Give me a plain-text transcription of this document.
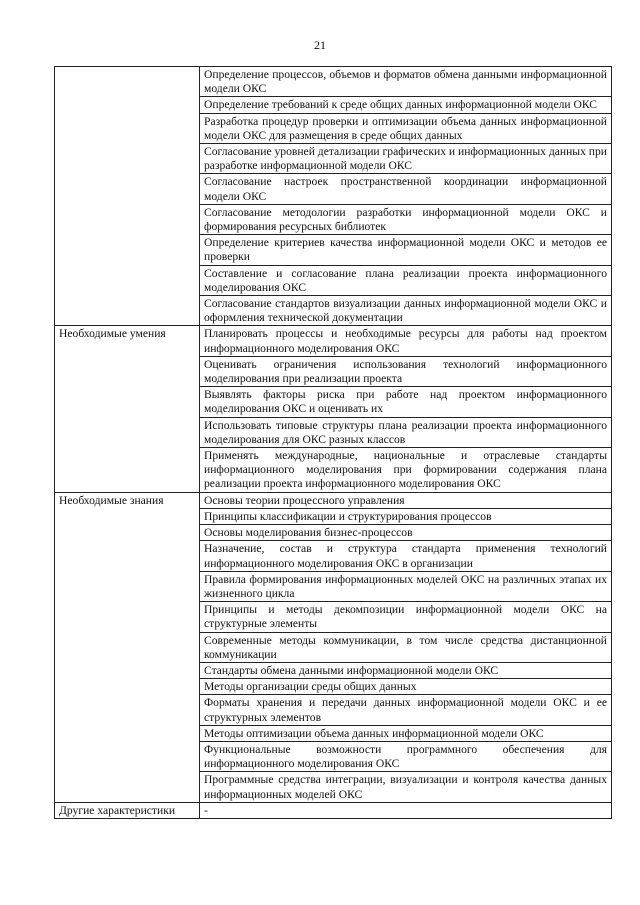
21
	Определение процессов, объемов и форматов обмена данными информационной модели ОКС
	Определение требований к среде общих данных информационной модели ОКС
	Разработка процедур проверки и оптимизации объема данных информационной модели ОКС для размещения в среде общих данных
	Согласование уровней детализации графических и информационных данных при разработке информационной модели ОКС
	Согласование настроек пространственной координации информационной модели ОКС
	Согласование методологии разработки информационной модели ОКС и формирования ресурсных библиотек
	Определение критериев качества информационной модели ОКС и методов ее проверки
	Составление и согласование плана реализации проекта информационного моделирования ОКС
	Согласование стандартов визуализации данных информационной модели ОКС и оформления технической документации
Необходимые умения	Планировать процессы и необходимые ресурсы для работы над проектом информационного моделирования ОКС
	Оценивать ограничения использования технологий информационного моделирования при реализации проекта
	Выявлять факторы риска при работе над проектом информационного моделирования ОКС и оценивать их
	Использовать типовые структуры плана реализации проекта информационного моделирования для ОКС разных классов
	Применять международные, национальные и отраслевые стандарты информационного моделирования при формировании содержания плана реализации проекта информационного моделирования ОКС
Необходимые знания	Основы теории процессного управления
	Принципы классификации и структурирования процессов
	Основы моделирования бизнес-процессов
	Назначение, состав и структура стандарта применения технологий информационного моделирования ОКС в организации
	Правила формирования информационных моделей ОКС на различных этапах их жизненного цикла
	Принципы и методы декомпозиции информационной модели ОКС на структурные элементы
	Современные методы коммуникации, в том числе средства дистанционной коммуникации
	Стандарты обмена данными информационной модели ОКС
	Методы организации среды общих данных
	Форматы хранения и передачи данных информационной модели ОКС и ее структурных элементов
	Методы оптимизации объема данных информационной модели ОКС
	Функциональные возможности программного обеспечения для информационного моделирования ОКС
	Программные средства интеграции, визуализации и контроля качества данных информационных моделей ОКС
Другие характеристики	-
